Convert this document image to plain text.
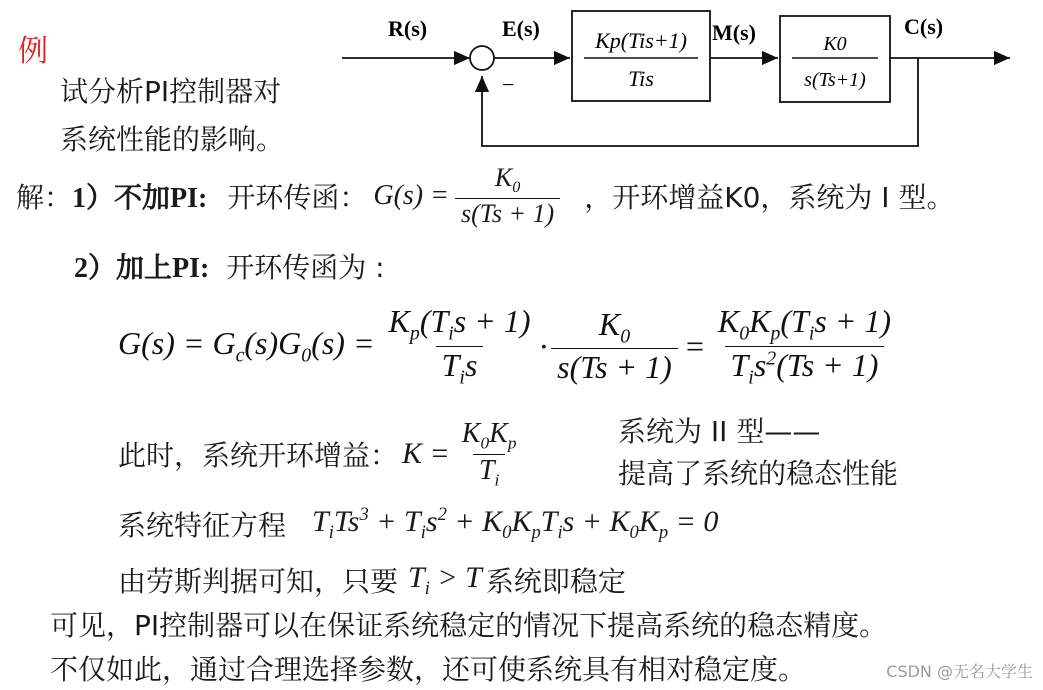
例
试分析PI控制器对
系统性能的影响。
R(s)	E(s)	M(s)	C(s)
−
Kp(Tis+1)
Tis
K0
s(Ts+1)
解： 1）不加PI: 开环传函： $G(s) = \frac{K_0}{s(Ts + 1)}$ ，开环增益K0，系统为 I 型。
2）加上PI: 开环传函为 :
$G(s) = G_c(s)G_0(s) = \frac{K_p(T_is + 1)}{T_is} \cdot \frac{K_0}{s(Ts + 1)} = \frac{K_0K_p(T_is + 1)}{T_is^2(Ts + 1)}$
此时，系统开环增益： $K = \frac{K_0K_p}{T_i}$	系统为 II 型——
提高了系统的稳态性能
系统特征方程 $T_iTs^3 + T_is^2 + K_0K_pT_is + K_0K_p = 0$
由劳斯判据可知，只要 $T_i > T$ 系统即稳定
可见，PI控制器可以在保证系统稳定的情况下提高系统的稳态精度。
不仅如此，通过合理选择参数，还可使系统具有相对稳定度。	CSDN @无名大学生
